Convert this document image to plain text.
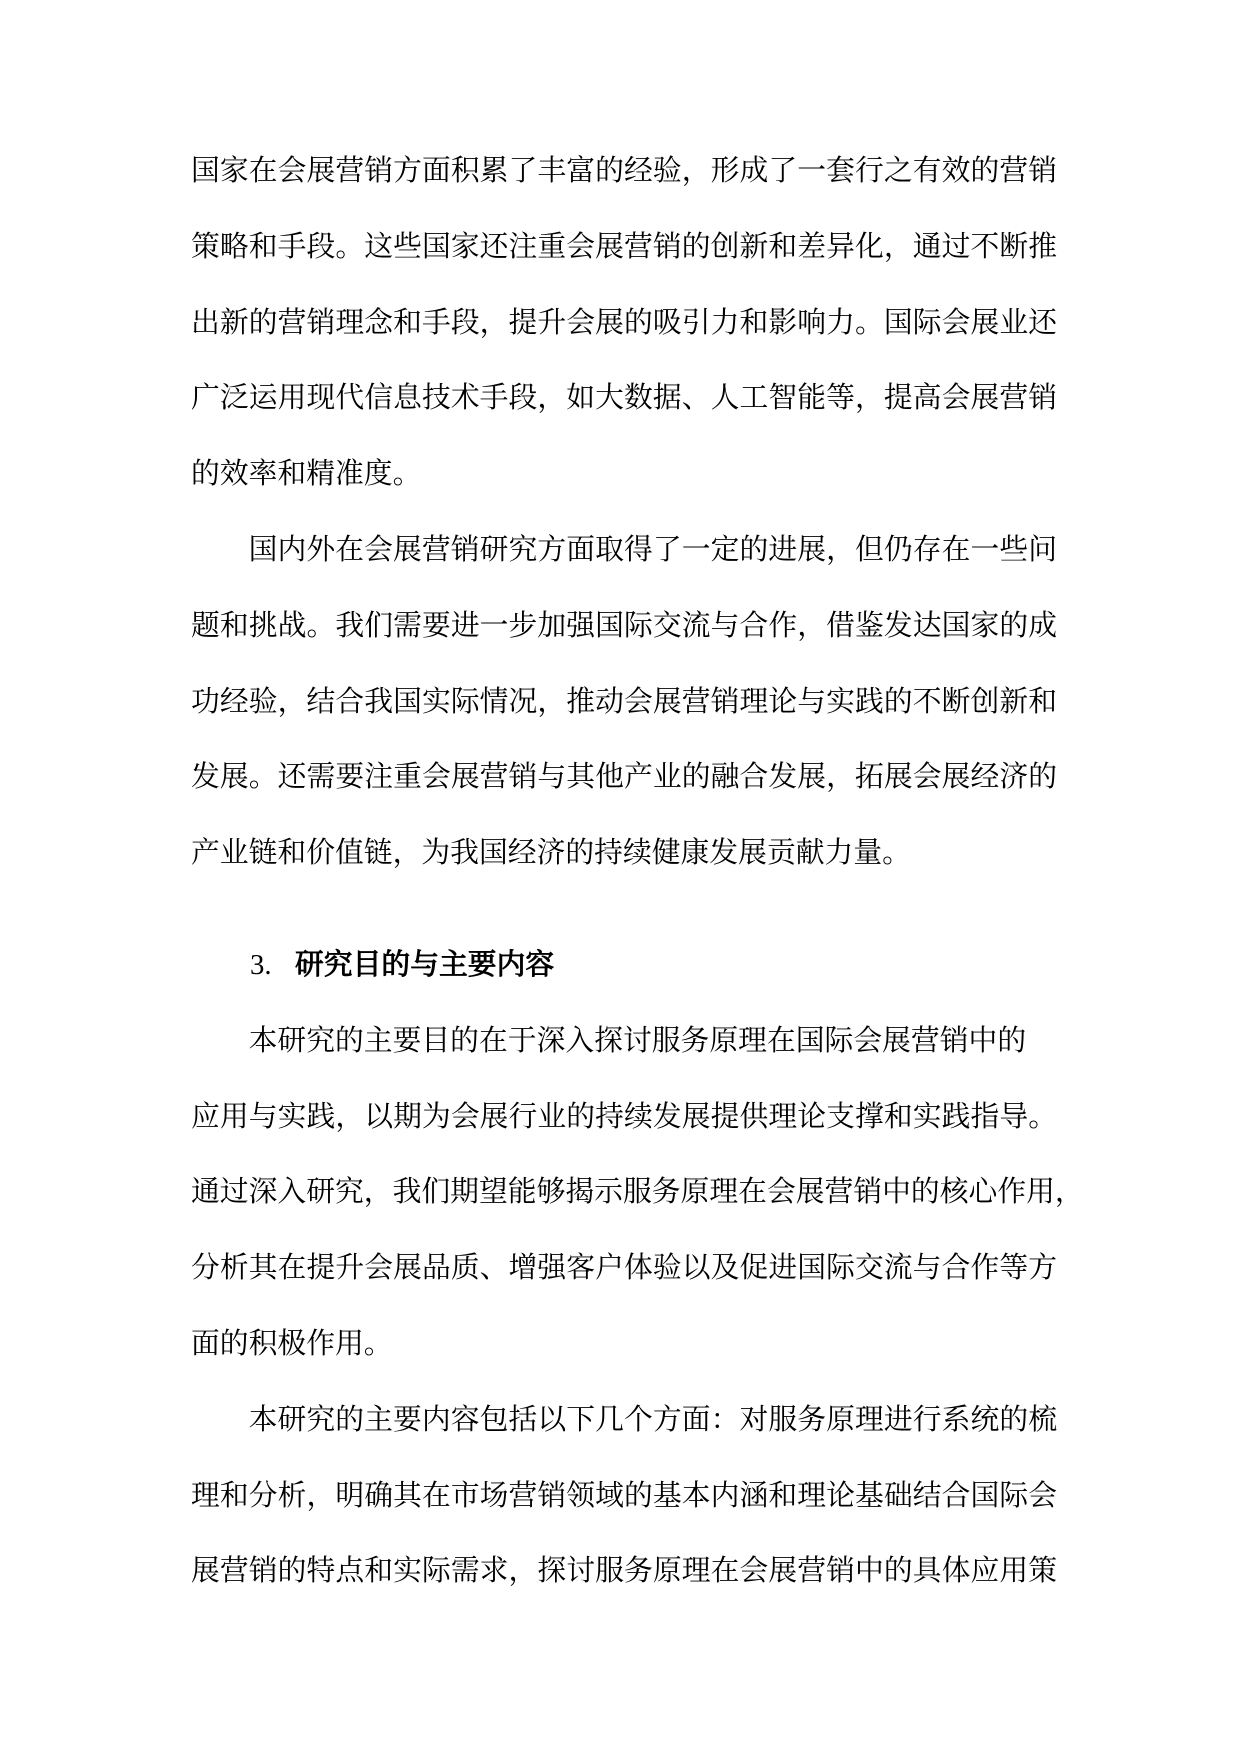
国家在会展营销方面积累了丰富的经验，形成了一套行之有效的营销
策略和手段。这些国家还注重会展营销的创新和差异化，通过不断推
出新的营销理念和手段，提升会展的吸引力和影响力。国际会展业还
广泛运用现代信息技术手段，如大数据、人工智能等，提高会展营销
的效率和精准度。
国内外在会展营销研究方面取得了一定的进展，但仍存在一些问
题和挑战。我们需要进一步加强国际交流与合作，借鉴发达国家的成
功经验，结合我国实际情况，推动会展营销理论与实践的不断创新和
发展。还需要注重会展营销与其他产业的融合发展，拓展会展经济的
产业链和价值链，为我国经济的持续健康发展贡献力量。
3. 研究目的与主要内容
本研究的主要目的在于深入探讨服务原理在国际会展营销中的
应用与实践，以期为会展行业的持续发展提供理论支撑和实践指导。
通过深入研究，我们期望能够揭示服务原理在会展营销中的核心作用，
分析其在提升会展品质、增强客户体验以及促进国际交流与合作等方
面的积极作用。
本研究的主要内容包括以下几个方面：对服务原理进行系统的梳
理和分析，明确其在市场营销领域的基本内涵和理论基础结合国际会
展营销的特点和实际需求，探讨服务原理在会展营销中的具体应用策
